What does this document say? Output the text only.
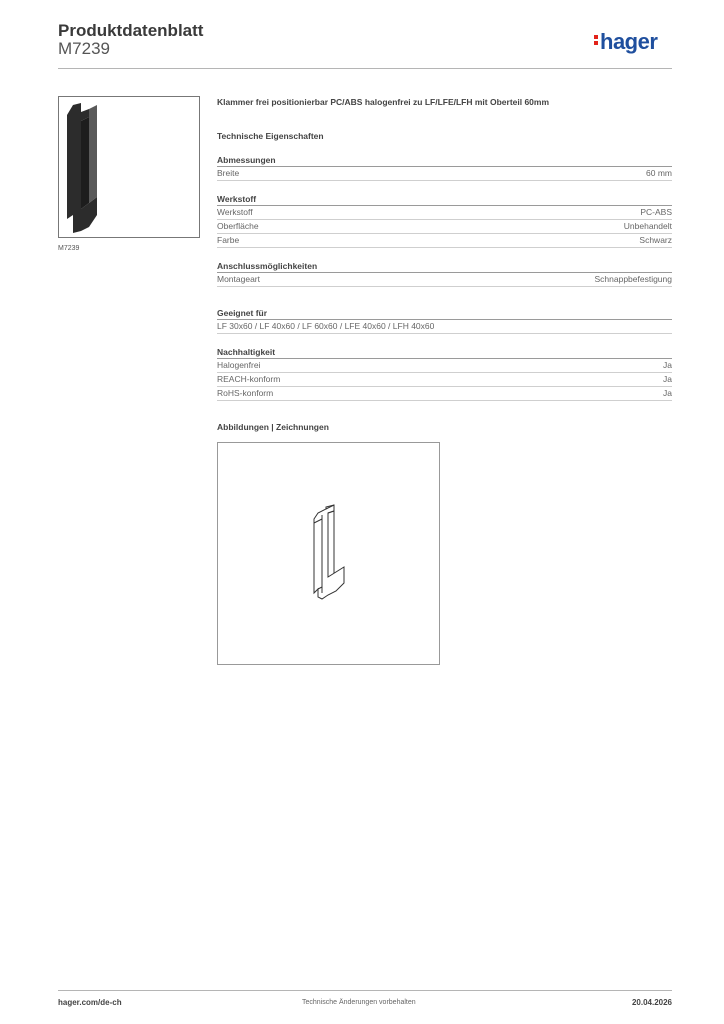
Produktdatenblatt
M7239	hager
M7239
Klammer frei positionierbar PC/ABS halogenfrei zu LF/LFE/LFH mit Oberteil 60mm
Technische Eigenschaften
Abmessungen
Breite	60 mm
Werkstoff
Werkstoff	PC-ABS
Oberfläche	Unbehandelt
Farbe	Schwarz
Anschlussmöglichkeiten
Montageart	Schnappbefestigung
Geeignet für
LF 30x60 / LF 40x60 / LF 60x60 / LFE 40x60 / LFH 40x60
Nachhaltigkeit
Halogenfrei	Ja
REACH-konform	Ja
RoHS-konform	Ja
Abbildungen | Zeichnungen
hager.com/de-ch	Technische Änderungen vorbehalten	20.04.2026
